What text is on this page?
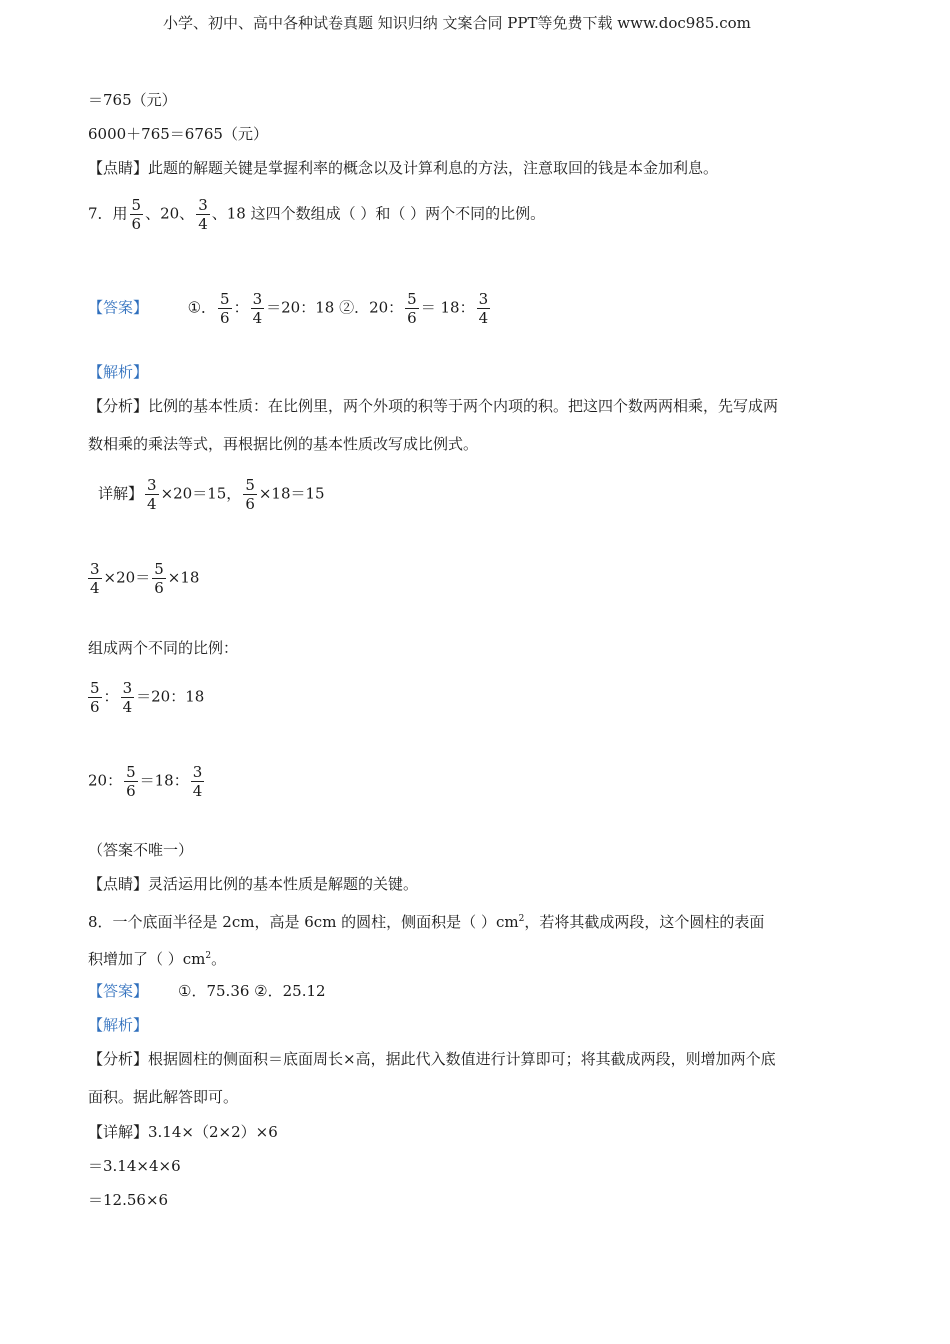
小学、初中、高中各种试卷真题 知识归纳 文案合同 PPT等免费下载 www.doc985.com
＝765（元）
6000＋765＝6765（元）
【点睛】此题的解题关键是掌握利率的概念以及计算利息的方法，注意取回的钱是本金加利息。
7．用 $\frac{5}{6}$ 、20、 $\frac{3}{4}$ 、18 这四个数组成（ ）和（ ）两个不同的比例。
【答案】	①． $\frac{5}{6}$ ： $\frac{3}{4} =20$：18 ②．20： $\frac{5}{6} = 18$： $\frac{3}{4}$
【解析】
【分析】比例的基本性质：在比例里，两个外项的积等于两个内项的积。把这四个数两两相乘，先写成两
数相乘的乘法等式，再根据比例的基本性质改写成比例式。
详解】 $\frac{3}{4} \times 20=15$， $\frac{5}{6} \times 18=15$
$\frac{3}{4} \times 20= \frac{5}{6} \times 18$
组成两个不同的比例：
$\frac{5}{6}$ ： $\frac{3}{4} =20$：18
20： $\frac{5}{6} =18$： $\frac{3}{4}$
（答案不唯一）
【点睛】灵活运用比例的基本性质是解题的关键。
8．一个底面半径是 2cm，高是 6cm 的圆柱，侧面积是（ ）$cm^2$，若将其截成两段，这个圆柱的表面
积增加了（ ）$cm^2$。
【答案】 ①．75.36 ②．25.12
【解析】
【分析】根据圆柱的侧面积＝底面周长×高，据此代入数值进行计算即可；将其截成两段，则增加两个底
面积。据此解答即可。
【详解】3.14×（2×2）×6
＝3.14×4×6
＝12.56×6
